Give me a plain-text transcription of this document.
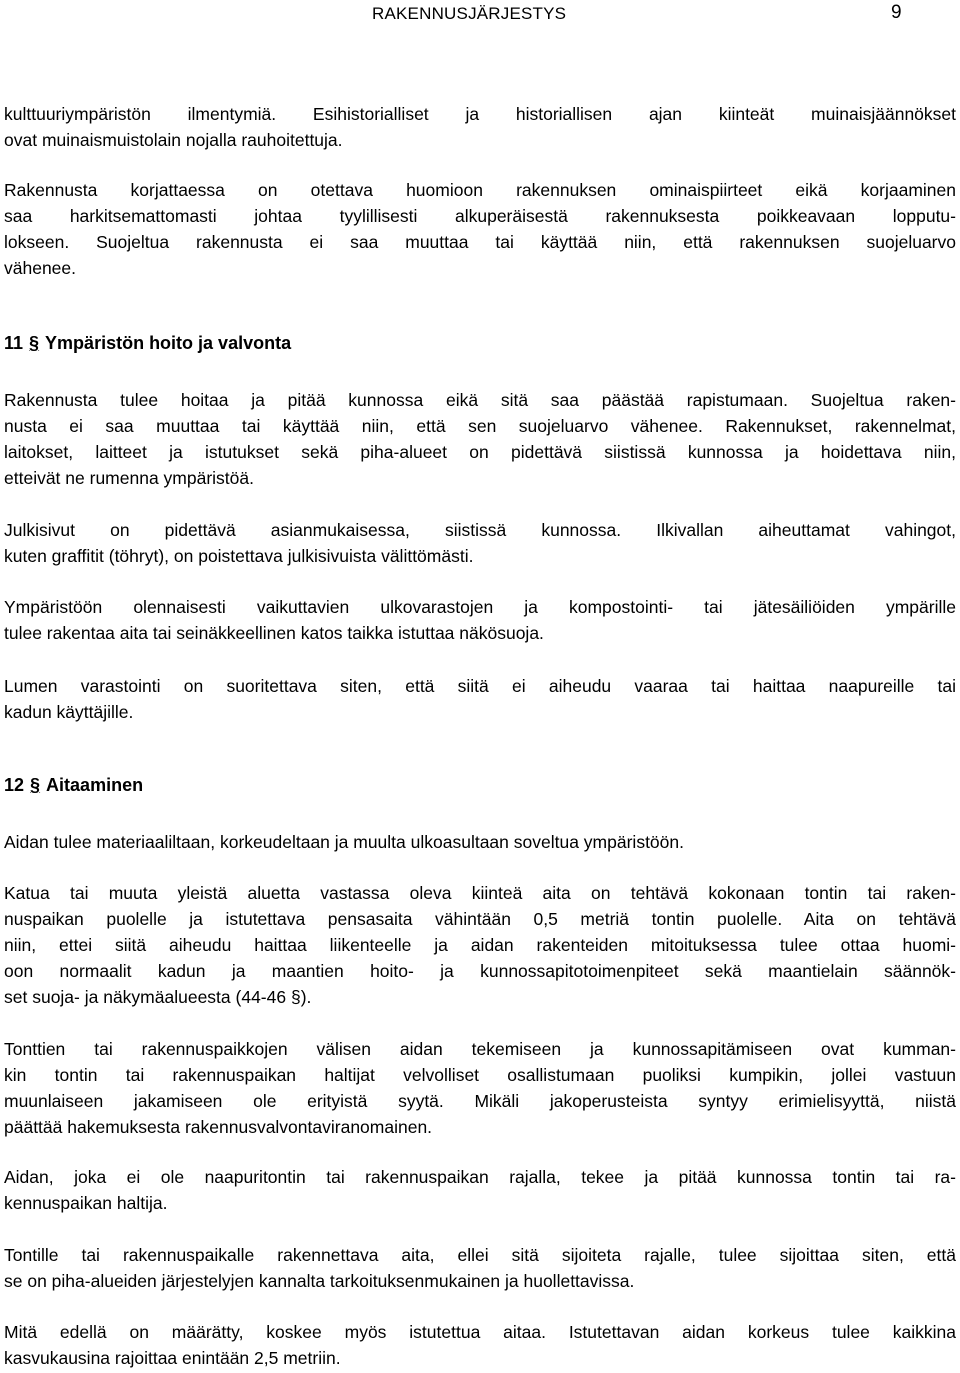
RAKENNUSJÄRJESTYS	9
kulttuuriympäristön ilmentymiä. Esihistorialliset ja historiallisen ajan kiinteät muinaisjäännökset
ovat muinaismuistolain nojalla rauhoitettuja.
Rakennusta korjattaessa on otettava huomioon rakennuksen ominaispiirteet eikä korjaaminen
saa harkitsemattomasti johtaa tyylillisesti alkuperäisestä rakennuksesta poikkeavaan lopputu-
lokseen. Suojeltua rakennusta ei saa muuttaa tai käyttää niin, että rakennuksen suojeluarvo
vähenee.
11 § Ympäristön hoito ja valvonta
Rakennusta tulee hoitaa ja pitää kunnossa eikä sitä saa päästää rapistumaan. Suojeltua raken-
nusta ei saa muuttaa tai käyttää niin, että sen suojeluarvo vähenee. Rakennukset, rakennelmat,
laitokset, laitteet ja istutukset sekä piha-alueet on pidettävä siistissä kunnossa ja hoidettava niin,
etteivät ne rumenna ympäristöä.
Julkisivut on pidettävä asianmukaisessa, siistissä kunnossa. Ilkivallan aiheuttamat vahingot,
kuten graffitit (töhryt), on poistettava julkisivuista välittömästi.
Ympäristöön olennaisesti vaikuttavien ulkovarastojen ja kompostointi- tai jätesäiliöiden ympärille
tulee rakentaa aita tai seinäkkeellinen katos taikka istuttaa näkösuoja.
Lumen varastointi on suoritettava siten, että siitä ei aiheudu vaaraa tai haittaa naapureille tai
kadun käyttäjille.
12 § Aitaaminen
Aidan tulee materiaaliltaan, korkeudeltaan ja muulta ulkoasultaan soveltua ympäristöön.
Katua tai muuta yleistä aluetta vastassa oleva kiinteä aita on tehtävä kokonaan tontin tai raken-
nuspaikan puolelle ja istutettava pensasaita vähintään 0,5 metriä tontin puolelle. Aita on tehtävä
niin, ettei siitä aiheudu haittaa liikenteelle ja aidan rakenteiden mitoituksessa tulee ottaa huomi-
oon normaalit kadun ja maantien hoito- ja kunnossapitotoimenpiteet sekä maantielain säännök-
set suoja- ja näkymäalueesta (44-46 §).
Tonttien tai rakennuspaikkojen välisen aidan tekemiseen ja kunnossapitämiseen ovat kumman-
kin tontin tai rakennuspaikan haltijat velvolliset osallistumaan puoliksi kumpikin, jollei vastuun
muunlaiseen jakamiseen ole erityistä syytä. Mikäli jakoperusteista syntyy erimielisyyttä, niistä
päättää hakemuksesta rakennusvalvontaviranomainen.
Aidan, joka ei ole naapuritontin tai rakennuspaikan rajalla, tekee ja pitää kunnossa tontin tai ra-
kennuspaikan haltija.
Tontille tai rakennuspaikalle rakennettava aita, ellei sitä sijoiteta rajalle, tulee sijoittaa siten, että
se on piha-alueiden järjestelyjen kannalta tarkoituksenmukainen ja huollettavissa.
Mitä edellä on määrätty, koskee myös istutettua aitaa. Istutettavan aidan korkeus tulee kaikkina
kasvukausina rajoittaa enintään 2,5 metriin.
